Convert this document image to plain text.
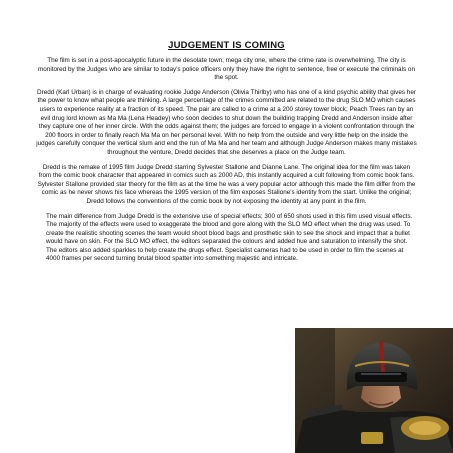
JUDGEMENT IS COMING

The film is set in a post-apocalyptic future in the desolate town; mega city one, where the crime rate is overwhelming. The city is monitored by the Judges who are similar to today's police officers only they have the right to sentence, free or execute the criminals on the spot.

Dredd (Karl Urban) is in charge of evaluating rookie Judge Anderson (Olivia Thirlby) who has one of a kind psychic ability that gives her the power to know what people are thinking. A large percentage of the crimes committed are related to the drug SLO MO which causes users to experience reality at a fraction of its speed. The pair are called to a crime at a 200 storey tower block; Peach Trees ran by an evil drug lord known as Ma Ma (Lena Headey) who soon decides to shut down the building trapping Dredd and Anderson inside after they capture one of her inner circle. With the odds against them; the judges are forced to engage in a violent confrontation through the 200 floors in order to finally reach Ma Ma on her personal level. With no help from the outside and very little help on the inside the judges carefully conquer the vertical slum and end the run of Ma Ma and her team and although Judge Anderson makes many mistakes throughout the venture, Dredd decides that she deserves a place on the Judge team.

Dredd is the remake of 1995 film Judge Dredd starring Sylvester Stallone and Dianne Lane. The original idea for the film was taken from the comic book character that appeared in comics such as 2000 AD, this instantly acquired a cult following from comic book fans. Sylvester Stallone provided star theory for the film as at the time he was a very popular actor although this made the film differ from the comic as he never shows his face whereas the 1995 version of the film exposes Stallone's identity from the start. Unlike the original; Dredd follows the conventions of the comic book by not exposing the identity at any point in the film.

The main difference from Judge Dredd is the extensive use of special effects; 300 of 650 shots used in this film used visual effects. The majority of the effects were used to exaggerate the blood and gore along with the SLO MO effect when the drug was used. To create the realistic shooting scenes the team would shoot blood bags and prosthetic skin to see the shock and impact that a bullet would have on skin. For the SLO MO effect, the editors separated the colours and added hue and saturation to intensify the shot. The editors also added sparkles to help create the drugs effect. Specialist cameras had to be used in order to film the scenes at 4000 frames per second turning brutal blood spatter into something majestic and intricate.
